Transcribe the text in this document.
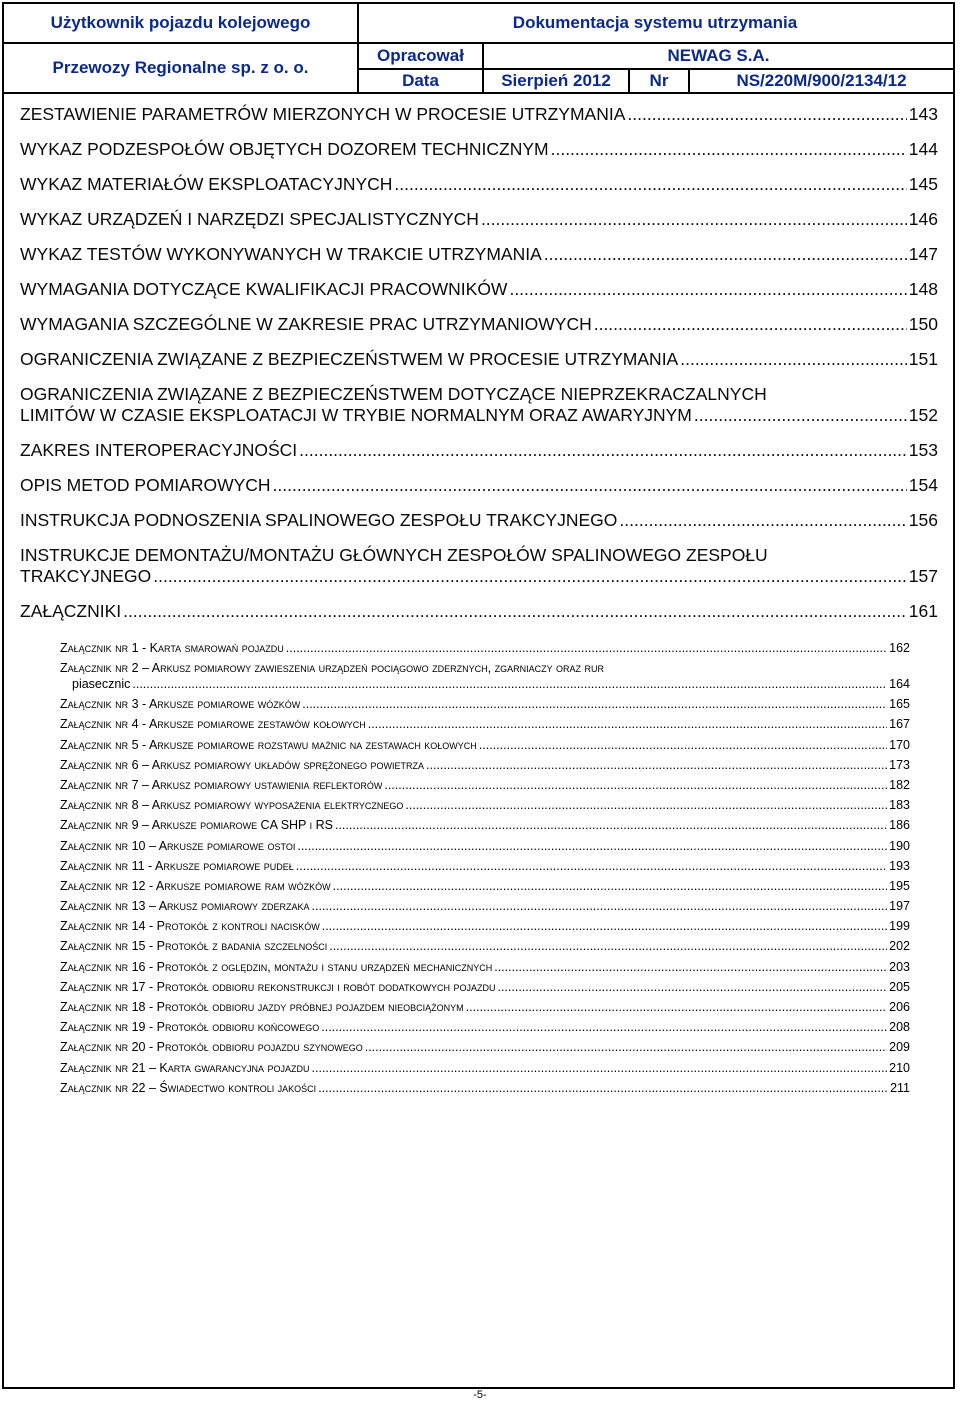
Użytkownik pojazdu kolejowego
Przewozy Regionalne sp. z o. o.
Dokumentacja systemu utrzymania
Opracował	NEWAG S.A.
Data	Sierpień 2012	Nr	NS/220M/900/2134/12
ZESTAWIENIE PARAMETRÓW MIERZONYCH W PROCESIE UTRZYMANIA .....	143
WYKAZ PODZESPOŁÓW OBJĘTYCH DOZOREM TECHNICZNYM .....	144
WYKAZ MATERIAŁÓW EKSPLOATACYJNYCH .....	145
WYKAZ URZĄDZEŃ I NARZĘDZI SPECJALISTYCZNYCH .....	146
WYKAZ TESTÓW WYKONYWANYCH W TRAKCIE UTRZYMANIA .....	147
WYMAGANIA DOTYCZĄCE KWALIFIKACJI PRACOWNIKÓW .....	148
WYMAGANIA SZCZEGÓLNE W ZAKRESIE PRAC UTRZYMANIOWYCH .....	150
OGRANICZENIA ZWIĄZANE Z BEZPIECZEŃSTWEM W PROCESIE UTRZYMANIA .....	151
OGRANICZENIA ZWIĄZANE Z BEZPIECZEŃSTWEM DOTYCZĄCE NIEPRZEKRACZALNYCH
LIMITÓW W CZASIE EKSPLOATACJI W TRYBIE NORMALNYM ORAZ AWARYJNYM .....	152
ZAKRES INTEROPERACYJNOŚCI .....	153
OPIS METOD POMIAROWYCH .....	154
INSTRUKCJA PODNOSZENIA SPALINOWEGO ZESPOŁU TRAKCYJNEGO .....	156
INSTRUKCJE DEMONTAŻU/MONTAŻU GŁÓWNYCH ZESPOŁÓW SPALINOWEGO ZESPOŁU
TRAKCYJNEGO .....	157
ZAŁĄCZNIKI .....	161
Załącznik nr 1 - Karta smarowań pojazdu .....	162
Załącznik nr 2 – Arkusz pomiarowy zawieszenia urządzeń pociągowo zderznych, zgarniaczy oraz rur
piasecznic .....	164
Załącznik nr 3 - Arkusze pomiarowe wózków .....	165
Załącznik nr 4 - Arkusze pomiarowe zestawów kołowych .....	167
Załącznik nr 5 - Arkusze pomiarowe rozstawu mażnic na zestawach kołowych .....	170
Załącznik nr 6 – Arkusz pomiarowy układów sprężonego powietrza .....	173
Załącznik nr 7 – Arkusz pomiarowy ustawienia reflektorów .....	182
Załącznik nr 8 – Arkusz pomiarowy wyposażenia elektrycznego .....	183
Załącznik nr 9 – Arkusze pomiarowe CA SHP i RS .....	186
Załącznik nr 10 – Arkusze pomiarowe ostoi .....	190
Załącznik nr 11 - Arkusze pomiarowe pudeł .....	193
Załącznik nr 12 - Arkusze pomiarowe ram wózków .....	195
Załącznik nr 13 – Arkusz pomiarowy zderzaka .....	197
Załącznik nr 14 - Protokół z kontroli nacisków .....	199
Załącznik nr 15 - Protokół z badania szczelności .....	202
Załącznik nr 16 - Protokół z oględzin, montażu i stanu urządzeń mechanicznych .....	203
Załącznik nr 17 - Protokół odbioru rekonstrukcji i robót dodatkowych pojazdu .....	205
Załącznik nr 18 - Protokół odbioru jazdy próbnej pojazdem nieobciążonym .....	206
Załącznik nr 19 - Protokół odbioru końcowego .....	208
Załącznik nr 20 - Protokół odbioru pojazdu szynowego .....	209
Załącznik nr 21 – Karta gwarancyjna pojazdu .....	210
Załącznik nr 22 – Świadectwo kontroli jakości .....	211
-5-
